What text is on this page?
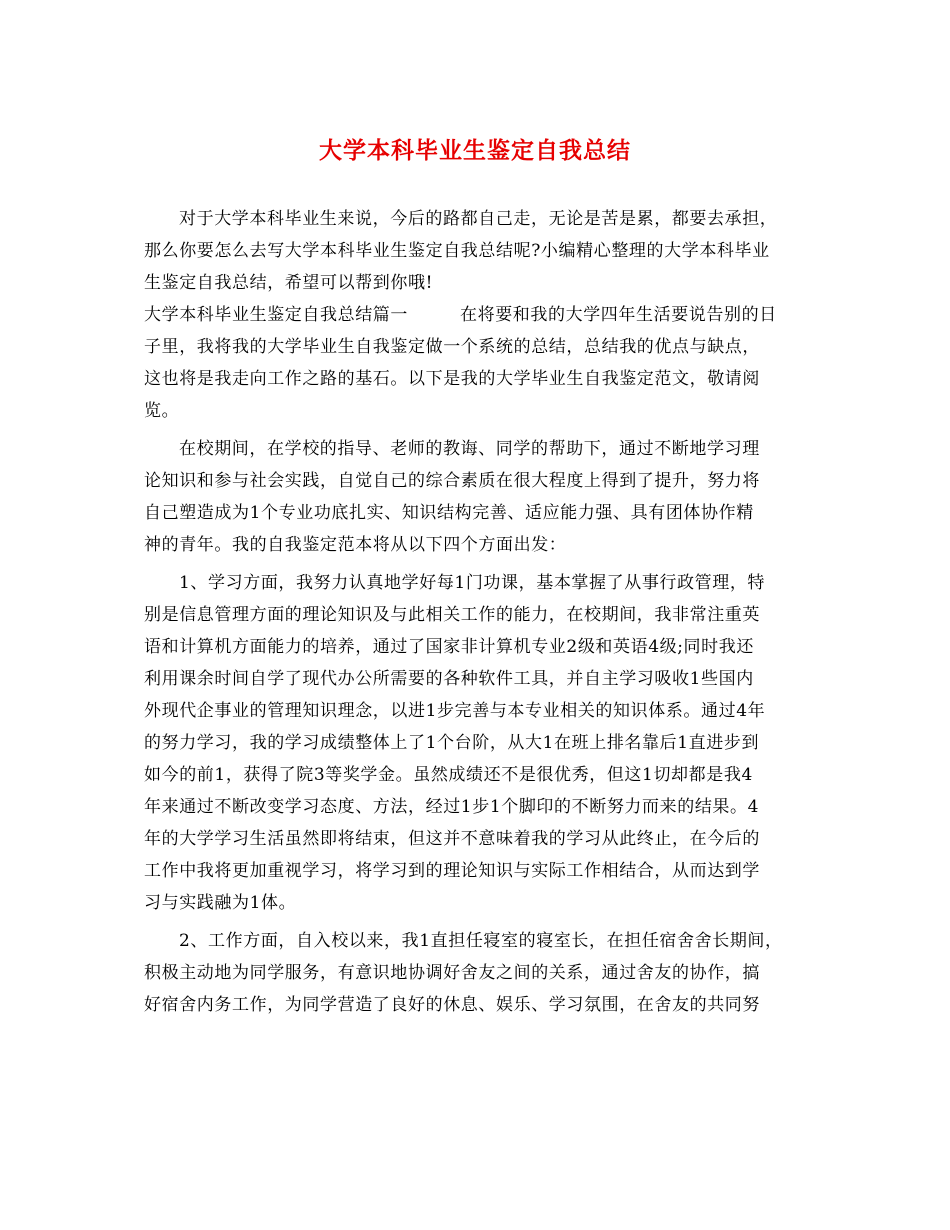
大学本科毕业生鉴定自我总结
对于大学本科毕业生来说，今后的路都自己走，无论是苦是累，都要去承担，
那么你要怎么去写大学本科毕业生鉴定自我总结呢?小编精心整理的大学本科毕业
生鉴定自我总结，希望可以帮到你哦!
大学本科毕业生鉴定自我总结篇一	在将要和我的大学四年生活要说告别的日
子里，我将我的大学毕业生自我鉴定做一个系统的总结，总结我的优点与缺点，
这也将是我走向工作之路的基石。以下是我的大学毕业生自我鉴定范文，敬请阅
览。
在校期间，在学校的指导、老师的教诲、同学的帮助下，通过不断地学习理
论知识和参与社会实践，自觉自己的综合素质在很大程度上得到了提升，努力将
自己塑造成为1个专业功底扎实、知识结构完善、适应能力强、具有团体协作精
神的青年。我的自我鉴定范本将从以下四个方面出发：
1、学习方面，我努力认真地学好每1门功课，基本掌握了从事行政管理，特
别是信息管理方面的理论知识及与此相关工作的能力，在校期间，我非常注重英
语和计算机方面能力的培养，通过了国家非计算机专业2级和英语4级;同时我还
利用课余时间自学了现代办公所需要的各种软件工具，并自主学习吸收1些国内
外现代企事业的管理知识理念，以进1步完善与本专业相关的知识体系。通过4年
的努力学习，我的学习成绩整体上了1个台阶，从大1在班上排名靠后1直进步到
如今的前1，获得了院3等奖学金。虽然成绩还不是很优秀，但这1切却都是我4
年来通过不断改变学习态度、方法，经过1步1个脚印的不断努力而来的结果。4
年的大学学习生活虽然即将结束，但这并不意味着我的学习从此终止，在今后的
工作中我将更加重视学习，将学习到的理论知识与实际工作相结合，从而达到学
习与实践融为1体。
2、工作方面，自入校以来，我1直担任寝室的寝室长，在担任宿舍舍长期间，
积极主动地为同学服务，有意识地协调好舍友之间的关系，通过舍友的协作，搞
好宿舍内务工作，为同学营造了良好的休息、娱乐、学习氛围，在舍友的共同努
